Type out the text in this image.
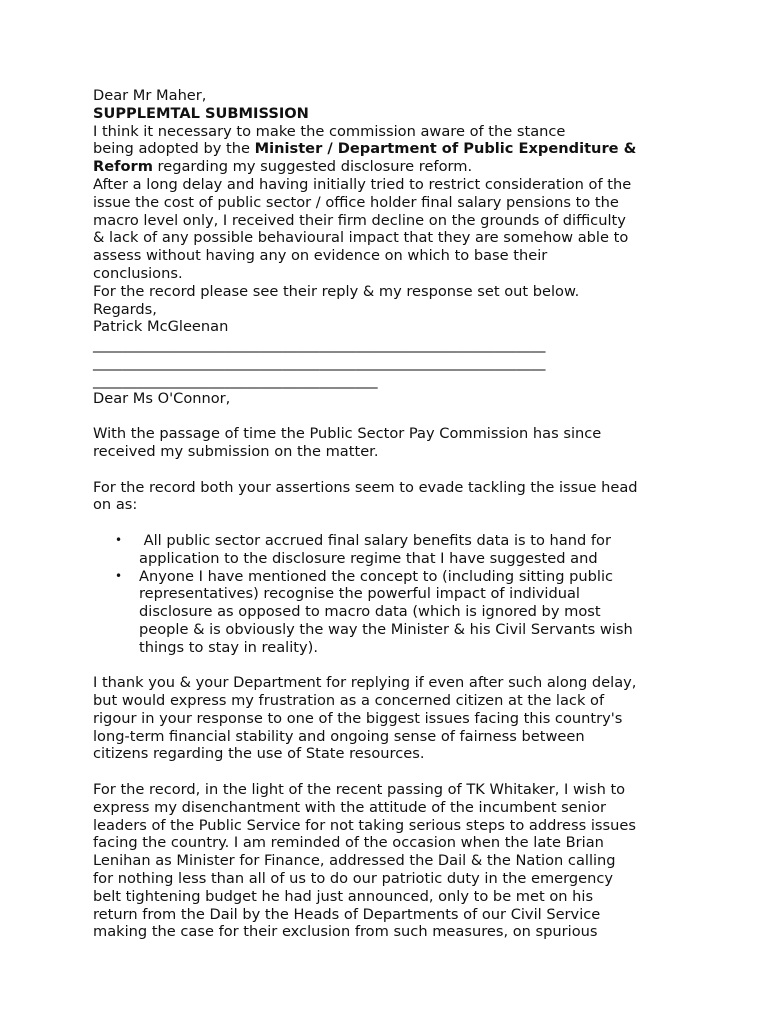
Dear Mr Maher,
SUPPLEMTAL SUBMISSION
I think it necessary to make the commission aware of the stance
being adopted by the Minister / Department of Public Expenditure &
Reform regarding my suggested disclosure reform.
After a long delay and having initially tried to restrict consideration of the
issue the cost of public sector / office holder final salary pensions to the
macro level only, I received their firm decline on the grounds of difficulty
& lack of any possible behavioural impact that they are somehow able to
assess without having any on evidence on which to base their
conclusions.
For the record please see their reply & my response set out below.
Regards,
Patrick McGleenan
______________________________________________________________
______________________________________________________________
_______________________________________
Dear Ms O'Connor,
With the passage of time the Public Sector Pay Commission has since
received my submission on the matter.
For the record both your assertions seem to evade tackling the issue head
on as:
• All public sector accrued final salary benefits data is to hand for
application to the disclosure regime that I have suggested and
• Anyone I have mentioned the concept to (including sitting public
representatives) recognise the powerful impact of individual
disclosure as opposed to macro data (which is ignored by most
people & is obviously the way the Minister & his Civil Servants wish
things to stay in reality).
I thank you & your Department for replying if even after such along delay,
but would express my frustration as a concerned citizen at the lack of
rigour in your response to one of the biggest issues facing this country's
long-term financial stability and ongoing sense of fairness between
citizens regarding the use of State resources.
For the record, in the light of the recent passing of TK Whitaker, I wish to
express my disenchantment with the attitude of the incumbent senior
leaders of the Public Service for not taking serious steps to address issues
facing the country. I am reminded of the occasion when the late Brian
Lenihan as Minister for Finance, addressed the Dail & the Nation calling
for nothing less than all of us to do our patriotic duty in the emergency
belt tightening budget he had just announced, only to be met on his
return from the Dail by the Heads of Departments of our Civil Service
making the case for their exclusion from such measures, on spurious
